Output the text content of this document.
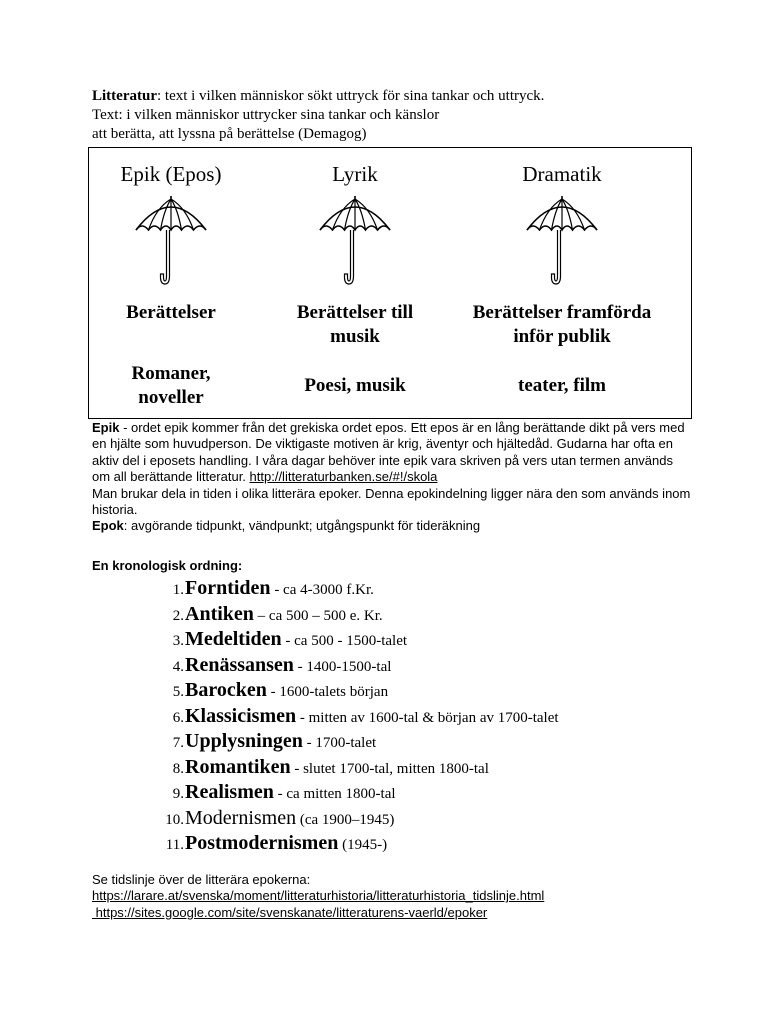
Litteratur: text i vilken människor sökt uttryck för sina tankar och uttryck.

Text: i vilken människor uttrycker sina tankar och känslor

att berätta, att lyssna på berättelse (Demagog)

Epik (Epos)
Berättelser
Romaner,
noveller
Lyrik
Berättelser till
musik
Poesi, musik
Dramatik
Berättelser framförda
inför publik
teater, film

Epik - ordet epik kommer från det grekiska ordet epos. Ett epos är en lång berättande dikt på vers med en hjälte som huvudperson. De viktigaste motiven är krig, äventyr och hjältedåd. Gudarna har ofta en aktiv del i eposets handling. I våra dagar behöver inte epik vara skriven på vers utan termen används om all berättande litteratur. http://litteraturbanken.se/#!/skola

Man brukar dela in tiden i olika litterära epoker. Denna epokindelning ligger nära den som används inom historia.

Epok: avgörande tidpunkt, vändpunkt; utgångspunkt för tideräkning

En kronologisk ordning:
1.Forntiden - ca 4-3000 f.Kr.
2.Antiken – ca 500 – 500 e. Kr.
3.Medeltiden - ca 500 - 1500-talet
4.Renässansen - 1400-1500-tal
5.Barocken - 1600-talets början
6.Klassicismen - mitten av 1600-tal & början av 1700-talet
7.Upplysningen - 1700-talet
8.Romantiken - slutet 1700-tal, mitten 1800-tal
9.Realismen - ca mitten 1800-tal
10.Modernismen (ca 1900–1945)
11.Postmodernismen (1945-)

Se tidslinje över de litterära epokerna:

https://larare.at/svenska/moment/litteraturhistoria/litteraturhistoria_tidslinje.html

https://sites.google.com/site/svenskanate/litteraturens-vaerld/epoker
